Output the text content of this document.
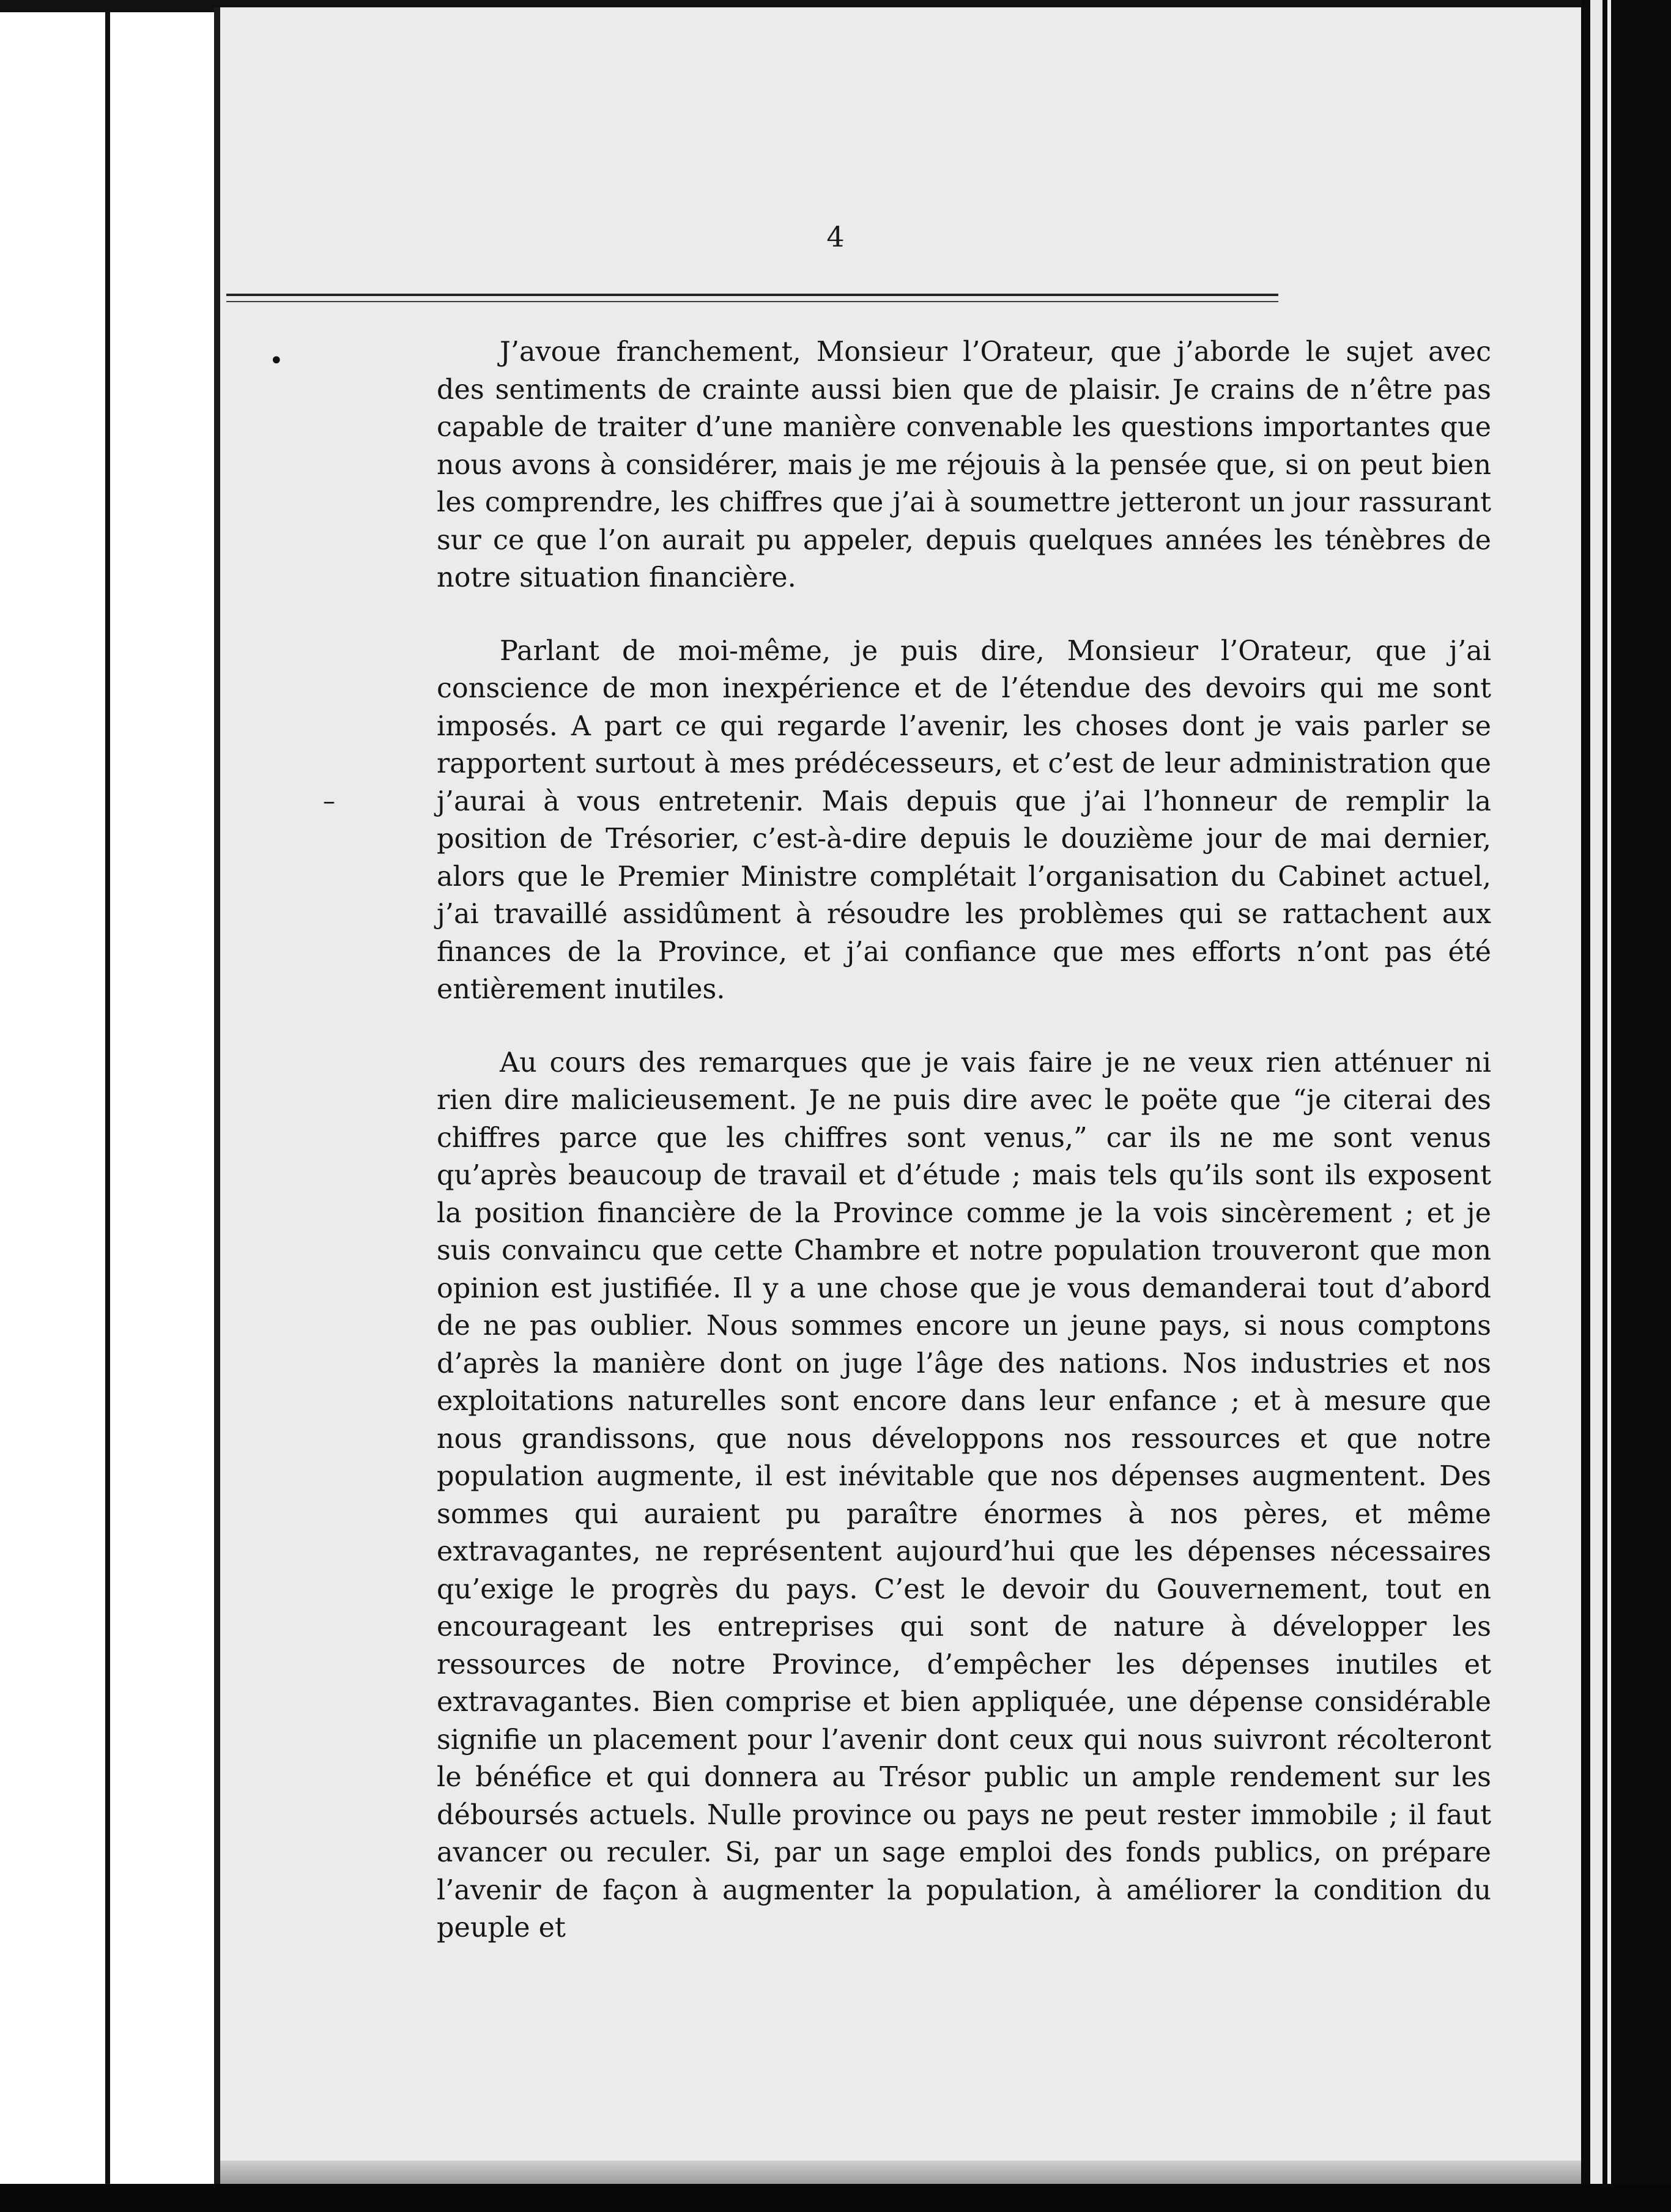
4
•
–

J’avoue franchement, Monsieur l’Orateur, que j’aborde le sujet avec des sentiments de crainte aussi bien que de plaisir. Je crains de n’être pas capable de traiter d’une manière convenable les questions importantes que nous avons à considérer, mais je me réjouis à la pensée que, si on peut bien les comprendre, les chiffres que j’ai à soumettre jetteront un jour rassurant sur ce que l’on aurait pu appeler, depuis quelques années les ténèbres de notre situation financière.

Parlant de moi-même, je puis dire, Monsieur l’Orateur, que j’ai conscience de mon inexpérience et de l’étendue des devoirs qui me sont imposés. A part ce qui regarde l’avenir, les choses dont je vais parler se rapportent surtout à mes prédécesseurs, et c’est de leur administration que j’aurai à vous entretenir. Mais depuis que j’ai l’honneur de remplir la position de Trésorier, c’est-à-dire depuis le douzième jour de mai dernier, alors que le Premier Ministre complétait l’organisation du Cabinet actuel, j’ai travaillé assidûment à résoudre les problèmes qui se rattachent aux finances de la Province, et j’ai confiance que mes efforts n’ont pas été entièrement inutiles.

Au cours des remarques que je vais faire je ne veux rien atténuer ni rien dire malicieusement. Je ne puis dire avec le poëte que “je citerai des chiffres parce que les chiffres sont venus,” car ils ne me sont venus qu’après beaucoup de travail et d’étude ; mais tels qu’ils sont ils exposent la position financière de la Province comme je la vois sincèrement ; et je suis convaincu que cette Chambre et notre population trouveront que mon opinion est justifiée. Il y a une chose que je vous demanderai tout d’abord de ne pas oublier. Nous sommes encore un jeune pays, si nous comptons d’après la manière dont on juge l’âge des nations. Nos industries et nos exploitations naturelles sont encore dans leur enfance ; et à mesure que nous grandissons, que nous développons nos ressources et que notre population augmente, il est inévitable que nos dépenses augmentent. Des sommes qui auraient pu paraître énormes à nos pères, et même extravagantes, ne représentent aujourd’hui que les dépenses nécessaires qu’exige le progrès du pays. C’est le devoir du Gouvernement, tout en encourageant les entreprises qui sont de nature à développer les ressources de notre Province, d’empêcher les dépenses inutiles et extravagantes. Bien comprise et bien appliquée, une dépense considérable signifie un placement pour l’avenir dont ceux qui nous suivront récolteront le bénéfice et qui donnera au Trésor public un ample rendement sur les déboursés actuels. Nulle province ou pays ne peut rester immobile ; il faut avancer ou reculer. Si, par un sage emploi des fonds publics, on prépare l’avenir de façon à augmenter la population, à améliorer la condition du peuple et
